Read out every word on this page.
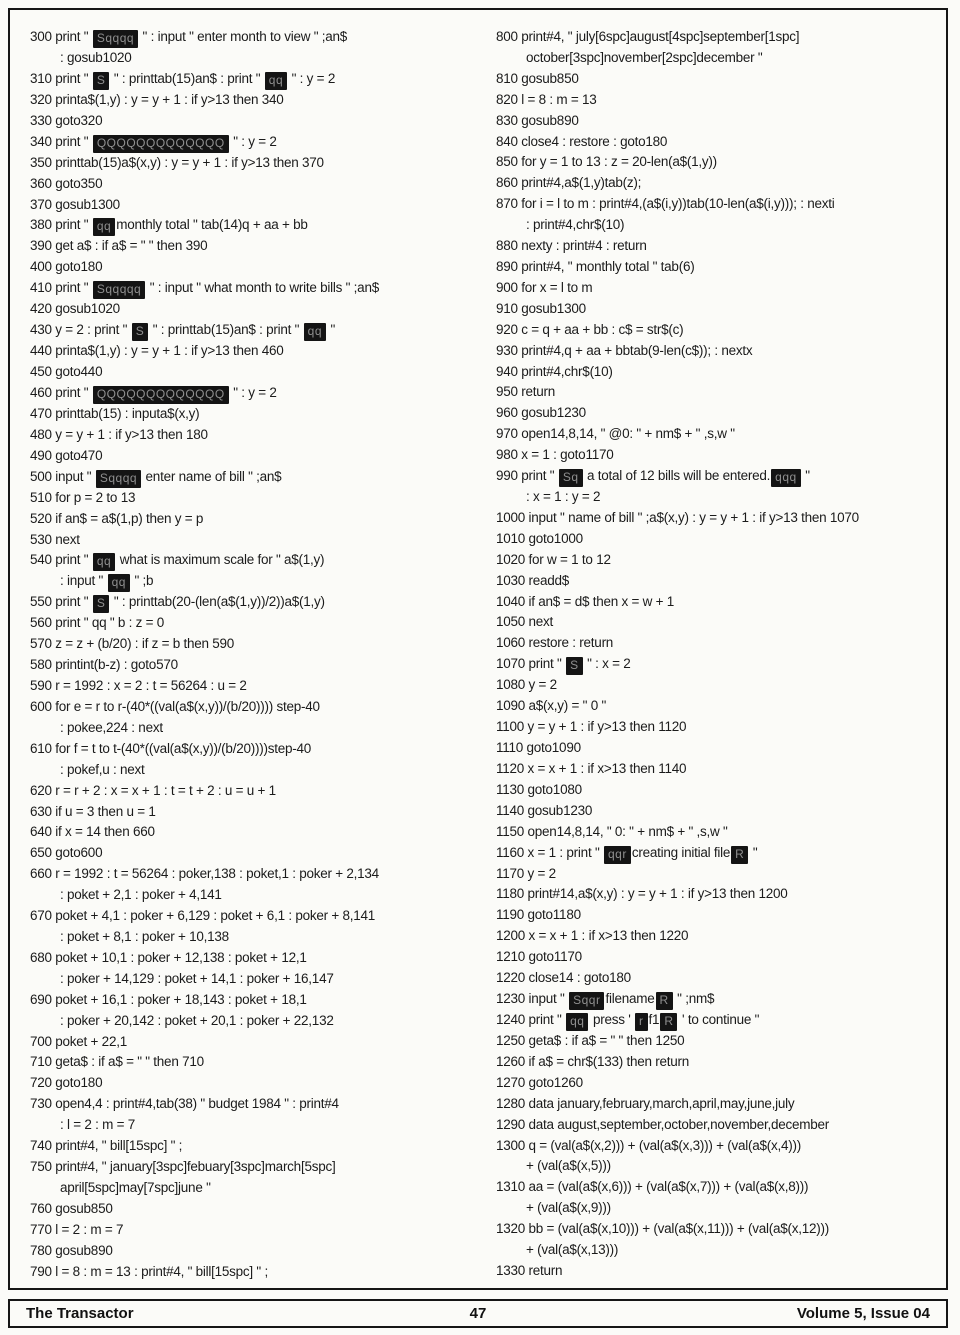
300 print " Sqqqq " : input " enter month to view " ;an$
: gosub1020
310 print " S " : printtab(15)an$ : print " qq " : y = 2
320 printa$(1,y) : y = y + 1 : if y>13 then 340
330 goto320
340 print " QQQQQQQQQQQQQ " : y = 2
350 printtab(15)a$(x,y) : y = y + 1 : if y>13 then 370
360 goto350
370 gosub1300
380 print " qq monthly total " tab(14)q + aa + bb
390 get a$ : if a$ = " " then 390
400 goto180
410 print " Sqqqqq " : input " what month to write bills " ;an$
420 gosub1020
430 y = 2 : print " S " : printtab(15)an$ : print " qq "
440 printa$(1,y) : y = y + 1 : if y>13 then 460
450 goto440
460 print " QQQQQQQQQQQQQ " : y = 2
470 printtab(15) : inputa$(x,y)
480 y = y + 1 : if y>13 then 180
490 goto470
500 input " Sqqqq enter name of bill " ;an$
510 for p = 2 to 13
520 if an$ = a$(1,p) then y = p
530 next
540 print " qq what is maximum scale for " a$(1,y)
: input " qq " ;b
550 print " S " : printtab(20-(len(a$(1,y))/2))a$(1,y)
560 print " qq " b : z = 0
570 z = z + (b/20) : if z = b then 590
580 printint(b-z) : goto570
590 r = 1992 : x = 2 : t = 56264 : u = 2
600 for e = r to r-(40*((val(a$(x,y))/(b/20)))) step-40
: pokee,224 : next
610 for f = t to t-(40*((val(a$(x,y))/(b/20))))step-40
: pokef,u : next
620 r = r + 2 : x = x + 1 : t = t + 2 : u = u + 1
630 if u = 3 then u = 1
640 if x = 14 then 660
650 goto600
660 r = 1992 : t = 56264 : poker,138 : poket,1 : poker + 2,134
: poket + 2,1 : poker + 4,141
670 poket + 4,1 : poker + 6,129 : poket + 6,1 : poker + 8,141
: poket + 8,1 : poker + 10,138
680 poket + 10,1 : poker + 12,138 : poket + 12,1
: poker + 14,129 : poket + 14,1 : poker + 16,147
690 poket + 16,1 : poker + 18,143 : poket + 18,1
: poker + 20,142 : poket + 20,1 : poker + 22,132
700 poket + 22,1
710 geta$ : if a$ = " " then 710
720 goto180
730 open4,4 : print#4,tab(38) " budget 1984 " : print#4
: l = 2 : m = 7
740 print#4, " bill[15spc] " ;
750 print#4, " january[3spc]febuary[3spc]march[5spc]
april[5spc]may[7spc]june "
760 gosub850
770 l = 2 : m = 7
780 gosub890
790 l = 8 : m = 13 : print#4, " bill[15spc] " ;
800 print#4, " july[6spc]august[4spc]september[1spc]
october[3spc]november[2spc]december "
810 gosub850
820 l = 8 : m = 13
830 gosub890
840 close4 : restore : goto180
850 for y = 1 to 13 : z = 20-len(a$(1,y))
860 print#4,a$(1,y)tab(z);
870 for i = l to m : print#4,(a$(i,y))tab(10-len(a$(i,y))); : nexti
: print#4,chr$(10)
880 nexty : print#4 : return
890 print#4, " monthly total " tab(6)
900 for x = l to m
910 gosub1300
920 c = q + aa + bb : c$ = str$(c)
930 print#4,q + aa + bbtab(9-len(c$)); : nextx
940 print#4,chr$(10)
950 return
960 gosub1230
970 open14,8,14, " @0: " + nm$ + " ,s,w "
980 x = 1 : goto1170
990 print " Sq a total of 12 bills will be entered. qqq "
: x = 1 : y = 2
1000 input " name of bill " ;a$(x,y) : y = y + 1 : if y>13 then 1070
1010 goto1000
1020 for w = 1 to 12
1030 readd$
1040 if an$ = d$ then x = w + 1
1050 next
1060 restore : return
1070 print " S " : x = 2
1080 y = 2
1090 a$(x,y) = " 0 "
1100 y = y + 1 : if y>13 then 1120
1110 goto1090
1120 x = x + 1 : if x>13 then 1140
1130 goto1080
1140 gosub1230
1150 open14,8,14, " 0: " + nm$ + " ,s,w "
1160 x = 1 : print " qqr creating initial file R "
1170 y = 2
1180 print#14,a$(x,y) : y = y + 1 : if y>13 then 1200
1190 goto1180
1200 x = x + 1 : if x>13 then 1220
1210 goto1170
1220 close14 : goto180
1230 input " Sqqr filename R " ;nm$
1240 print " qq press ' r f1 R ' to continue "
1250 geta$ : if a$ = " " then 1250
1260 if a$ = chr$(133) then return
1270 goto1260
1280 data january,february,march,april,may,june,july
1290 data august,september,october,november,december
1300 q = (val(a$(x,2))) + (val(a$(x,3))) + (val(a$(x,4)))
+ (val(a$(x,5)))
1310 aa = (val(a$(x,6))) + (val(a$(x,7))) + (val(a$(x,8)))
+ (val(a$(x,9)))
1320 bb = (val(a$(x,10))) + (val(a$(x,11))) + (val(a$(x,12)))
+ (val(a$(x,13)))
1330 return
The Transactor	47	Volume 5, Issue 04
